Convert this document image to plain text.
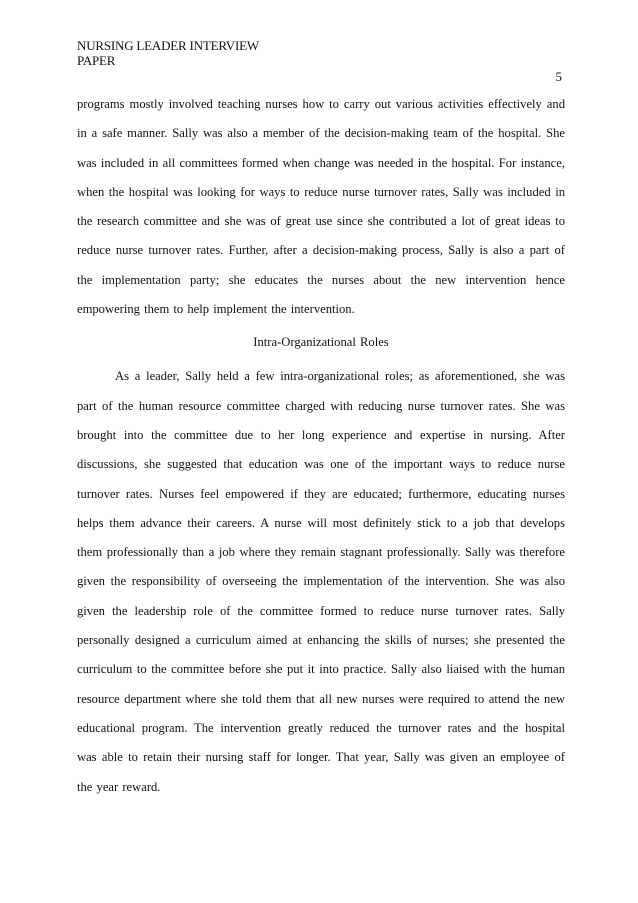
NURSING LEADER INTERVIEW
PAPER
5
programs mostly involved teaching nurses how to carry out various activities effectively and
in a safe manner. Sally was also a member of the decision-making team of the hospital. She
was included in all committees formed when change was needed in the hospital. For instance,
when the hospital was looking for ways to reduce nurse turnover rates, Sally was included in
the research committee and she was of great use since she contributed a lot of great ideas to
reduce nurse turnover rates. Further, after a decision-making process, Sally is also a part of
the implementation party; she educates the nurses about the new intervention hence
empowering them to help implement the intervention.
Intra-Organizational Roles
As a leader, Sally held a few intra-organizational roles; as aforementioned, she was
part of the human resource committee charged with reducing nurse turnover rates. She was
brought into the committee due to her long experience and expertise in nursing. After
discussions, she suggested that education was one of the important ways to reduce nurse
turnover rates. Nurses feel empowered if they are educated; furthermore, educating nurses
helps them advance their careers. A nurse will most definitely stick to a job that develops
them professionally than a job where they remain stagnant professionally. Sally was therefore
given the responsibility of overseeing the implementation of the intervention. She was also
given the leadership role of the committee formed to reduce nurse turnover rates. Sally
personally designed a curriculum aimed at enhancing the skills of nurses; she presented the
curriculum to the committee before she put it into practice. Sally also liaised with the human
resource department where she told them that all new nurses were required to attend the new
educational program. The intervention greatly reduced the turnover rates and the hospital
was able to retain their nursing staff for longer. That year, Sally was given an employee of
the year reward.
